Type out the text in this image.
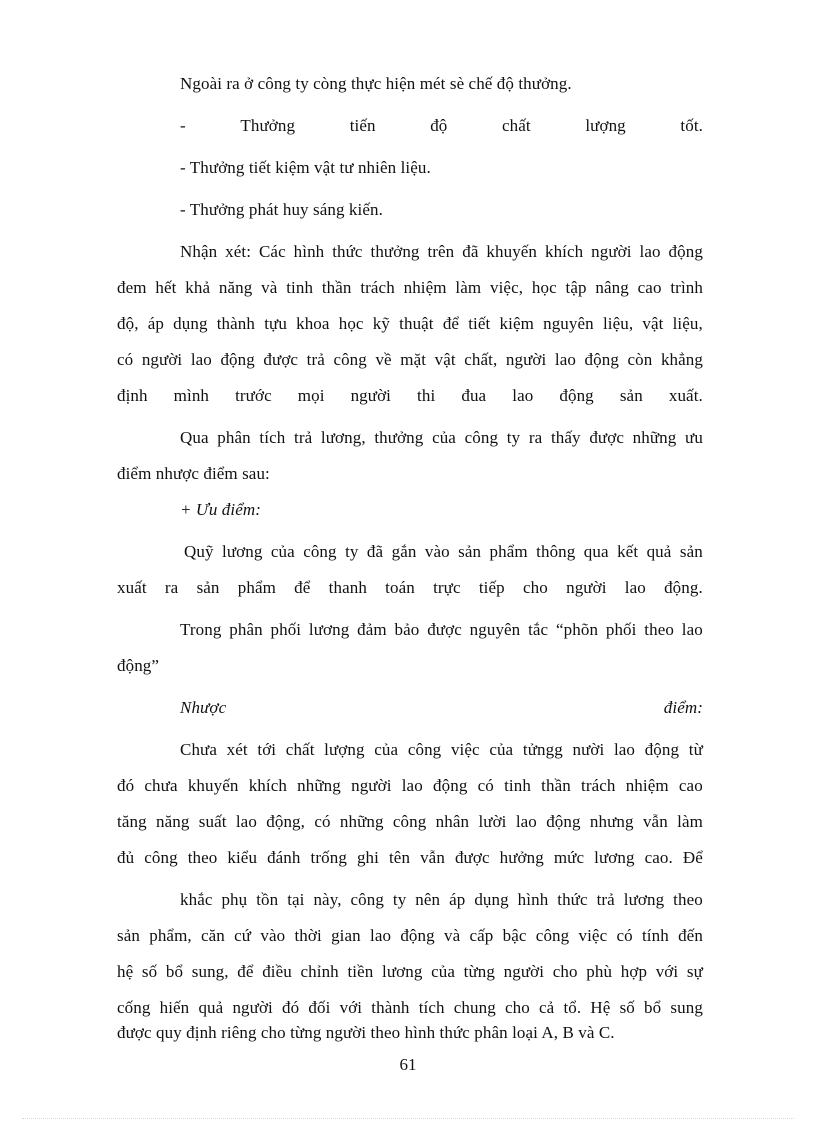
Ngoài ra ở công ty còng thực hiện mét sè chế độ thưởng.
-	Thưởng	tiến	độ	chất	lượng	tốt.
- Thưởng tiết kiệm vật tư nhiên liệu.
- Thưởng phát huy sáng kiến.
Nhận xét: Các hình thức thưởng trên đã khuyến khích người lao động
đem hết khả năng và tinh thần trách nhiệm làm việc, học tập nâng cao trình
độ, áp dụng thành tựu khoa học kỹ thuật để tiết kiệm nguyên liệu, vật liệu,
có người lao động được trả công về mặt vật chất, người lao động còn khẳng
định mình trước mọi người thi đua lao động sản xuất.
Qua phân tích trả lương, thưởng của công ty ra thấy được những ưu
điểm nhược điểm sau:
+ Ưu điểm:
Quỹ lương của công ty đã gắn vào sản phẩm thông qua kết quả sản
xuất ra sản phẩm để thanh toán trực tiếp cho người lao động.
Trong phân phối lương đảm bảo được nguyên tắc “phõn phối theo lao
động”
Nhược	điểm:
Chưa xét tới chất lượng của công việc của tửngg nười lao động từ
đó chưa khuyến khích những người lao động có tinh thần trách nhiệm cao
tăng năng suất lao động, có những công nhân lười lao động nhưng vẫn làm
đủ công theo kiểu đánh trống ghi tên vẫn được hưởng mức lương cao. Để
khắc phụ tồn tại này, công ty nên áp dụng hình thức trả lương theo
sản phẩm, căn cứ vào thời gian lao động và cấp bậc công việc có tính đến
hệ số bổ sung, để điều chỉnh tiền lương của từng người cho phù hợp với sự
cống hiến quả người đó đối với thành tích chung cho cả tổ. Hệ số bổ sung
được quy định riêng cho từng người theo hình thức phân loại A, B và C.
61
